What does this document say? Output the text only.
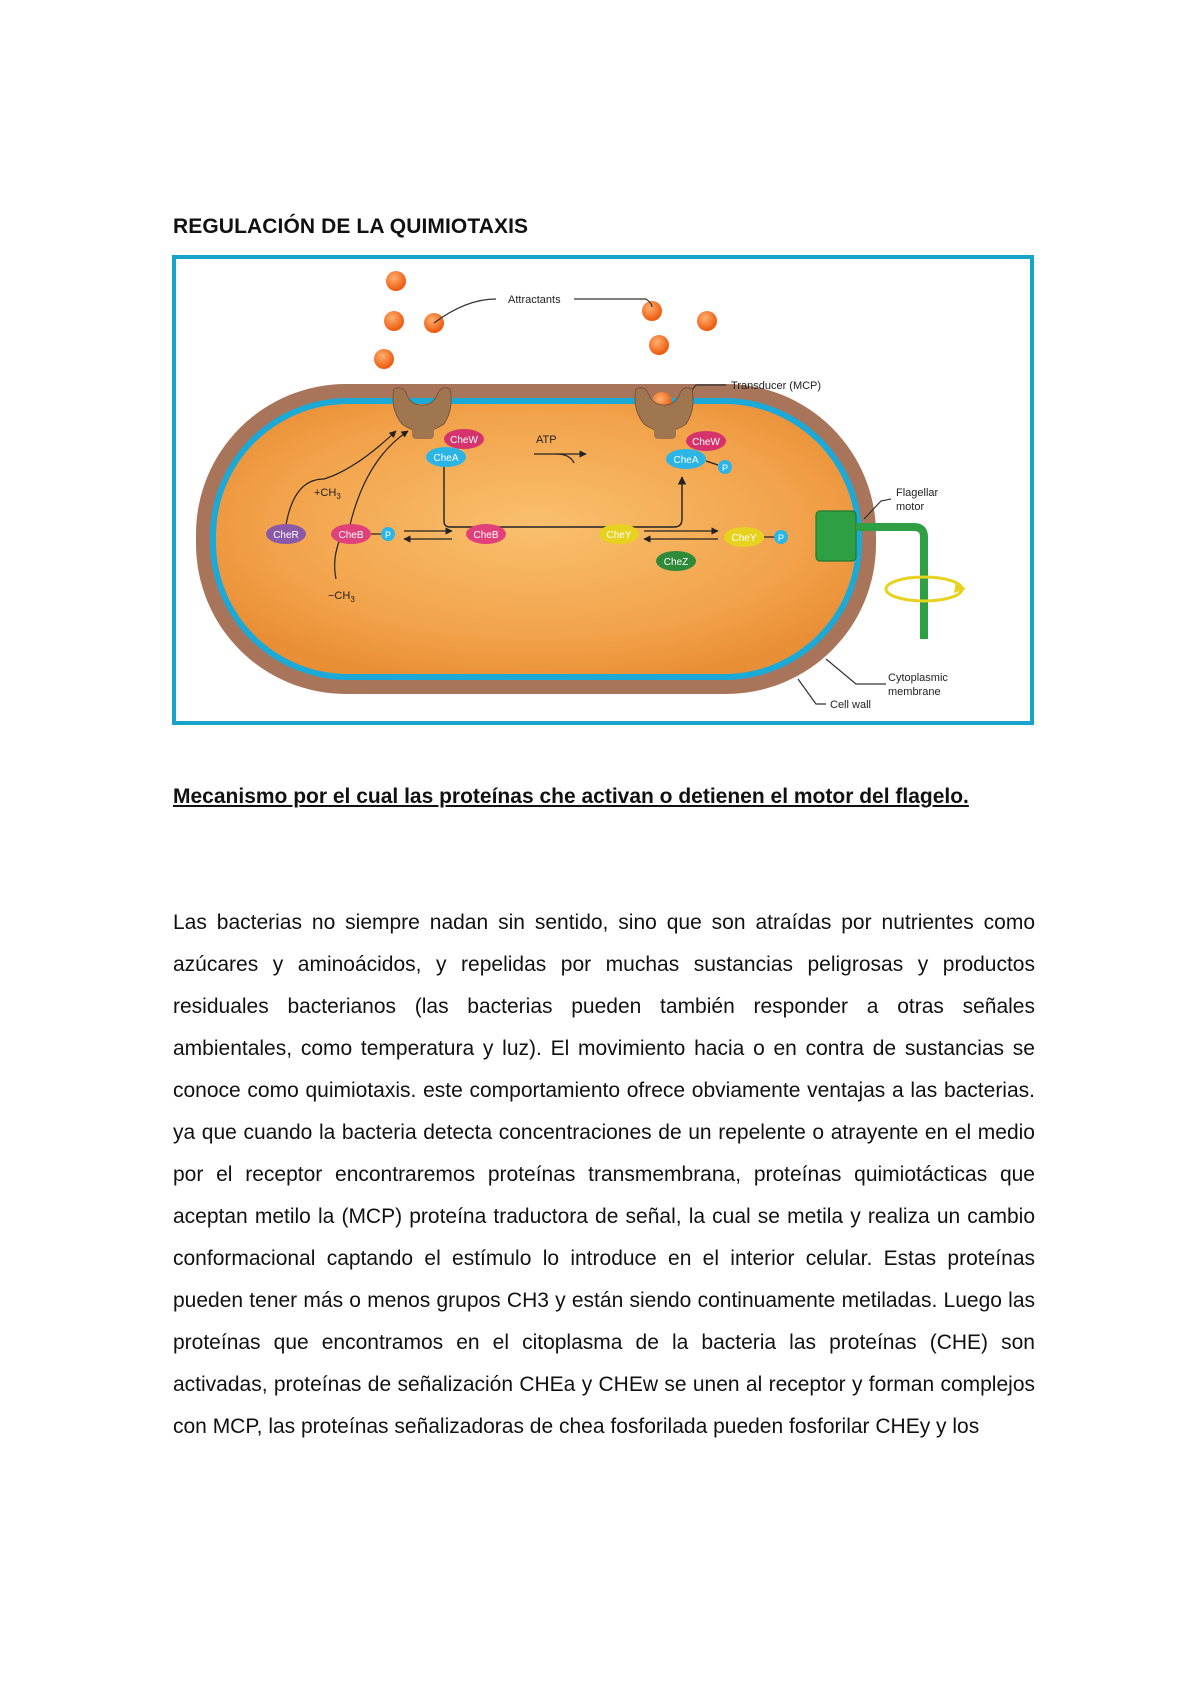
REGULACIÓN DE LA QUIMIOTAXIS
Attractants
Transducer (MCP)
Flagellar
motor
Cytoplasmic
membrane
Cell wall
CheW
CheA
CheW
CheA
P
ATP
$+CH_3$
$-CH_3$
CheR	CheB P	CheB	CheY
CheZ
CheY P
Mecanismo por el cual las proteínas che activan o detienen el motor del flagelo.

Las bacterias no siempre nadan sin sentido, sino que son atraídas por nutrientes como azúcares y aminoácidos, y repelidas por muchas sustancias peligrosas y productos residuales bacterianos (las bacterias pueden también responder a otras señales ambientales, como temperatura y luz). El movimiento hacia o en contra de sustancias se conoce como quimiotaxis. este comportamiento ofrece obviamente ventajas a las bacterias. ya que cuando la bacteria detecta concentraciones de un repelente o atrayente en el medio por el receptor encontraremos proteínas transmembrana, proteínas quimiotácticas que aceptan metilo la (MCP) proteína traductora de señal, la cual se metila y realiza un cambio conformacional captando el estímulo lo introduce en el interior celular. Estas proteínas pueden tener más o menos grupos CH3 y están siendo continuamente metiladas. Luego las proteínas que encontramos en el citoplasma de la bacteria las proteínas (CHE) son activadas, proteínas de señalización CHEa y CHEw se unen al receptor y forman complejos con MCP, las proteínas señalizadoras de chea fosforilada pueden fosforilar CHEy y los
